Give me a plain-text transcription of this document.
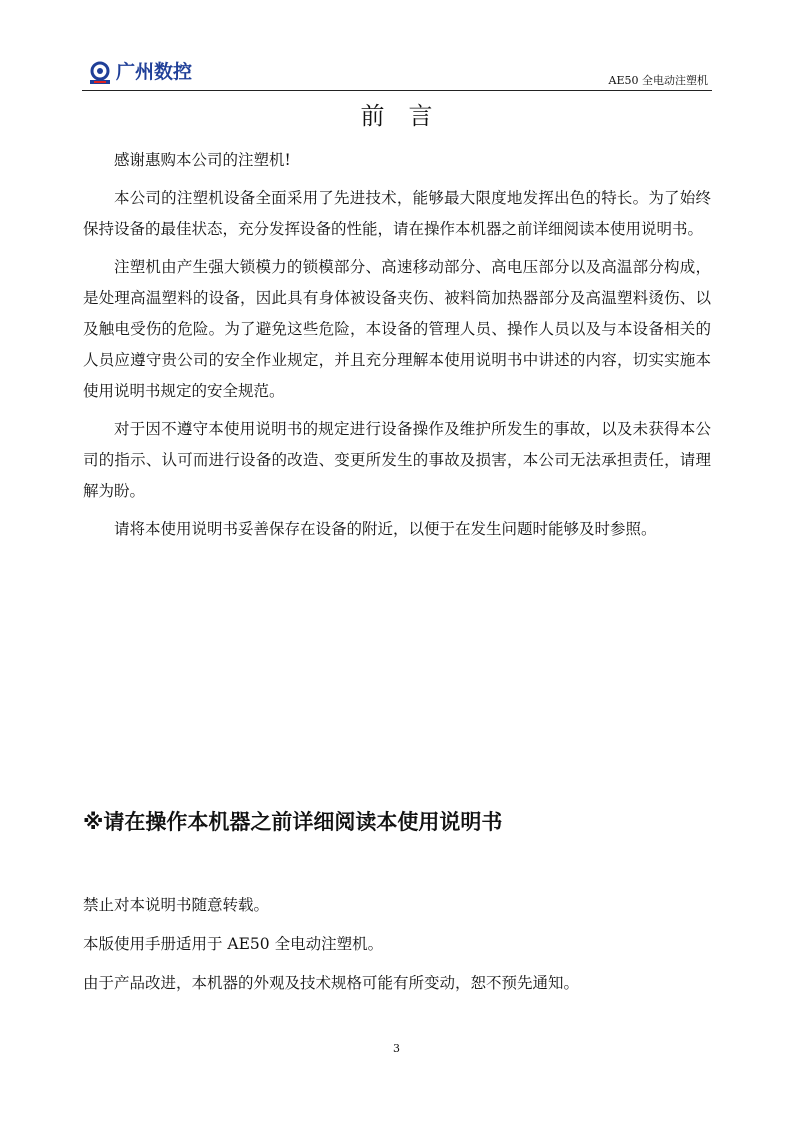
广州数控	AE50 全电动注塑机
前　言

感谢惠购本公司的注塑机!

本公司的注塑机设备全面采用了先进技术，能够最大限度地发挥出色的特长。为了始终保持设备的最佳状态，充分发挥设备的性能，请在操作本机器之前详细阅读本使用说明书。

注塑机由产生强大锁模力的锁模部分、高速移动部分、高电压部分以及高温部分构成，是处理高温塑料的设备，因此具有身体被设备夹伤、被料筒加热器部分及高温塑料烫伤、以及触电受伤的危险。为了避免这些危险，本设备的管理人员、操作人员以及与本设备相关的人员应遵守贵公司的安全作业规定，并且充分理解本使用说明书中讲述的内容，切实实施本使用说明书规定的安全规范。

对于因不遵守本使用说明书的规定进行设备操作及维护所发生的事故，以及未获得本公司的指示、认可而进行设备的改造、变更所发生的事故及损害，本公司无法承担责任，请理解为盼。

请将本使用说明书妥善保存在设备的附近，以便于在发生问题时能够及时参照。

※请在操作本机器之前详细阅读本使用说明书
禁止对本说明书随意转载。
本版使用手册适用于 AE50 全电动注塑机。
由于产品改进，本机器的外观及技术规格可能有所变动，恕不预先通知。
3
